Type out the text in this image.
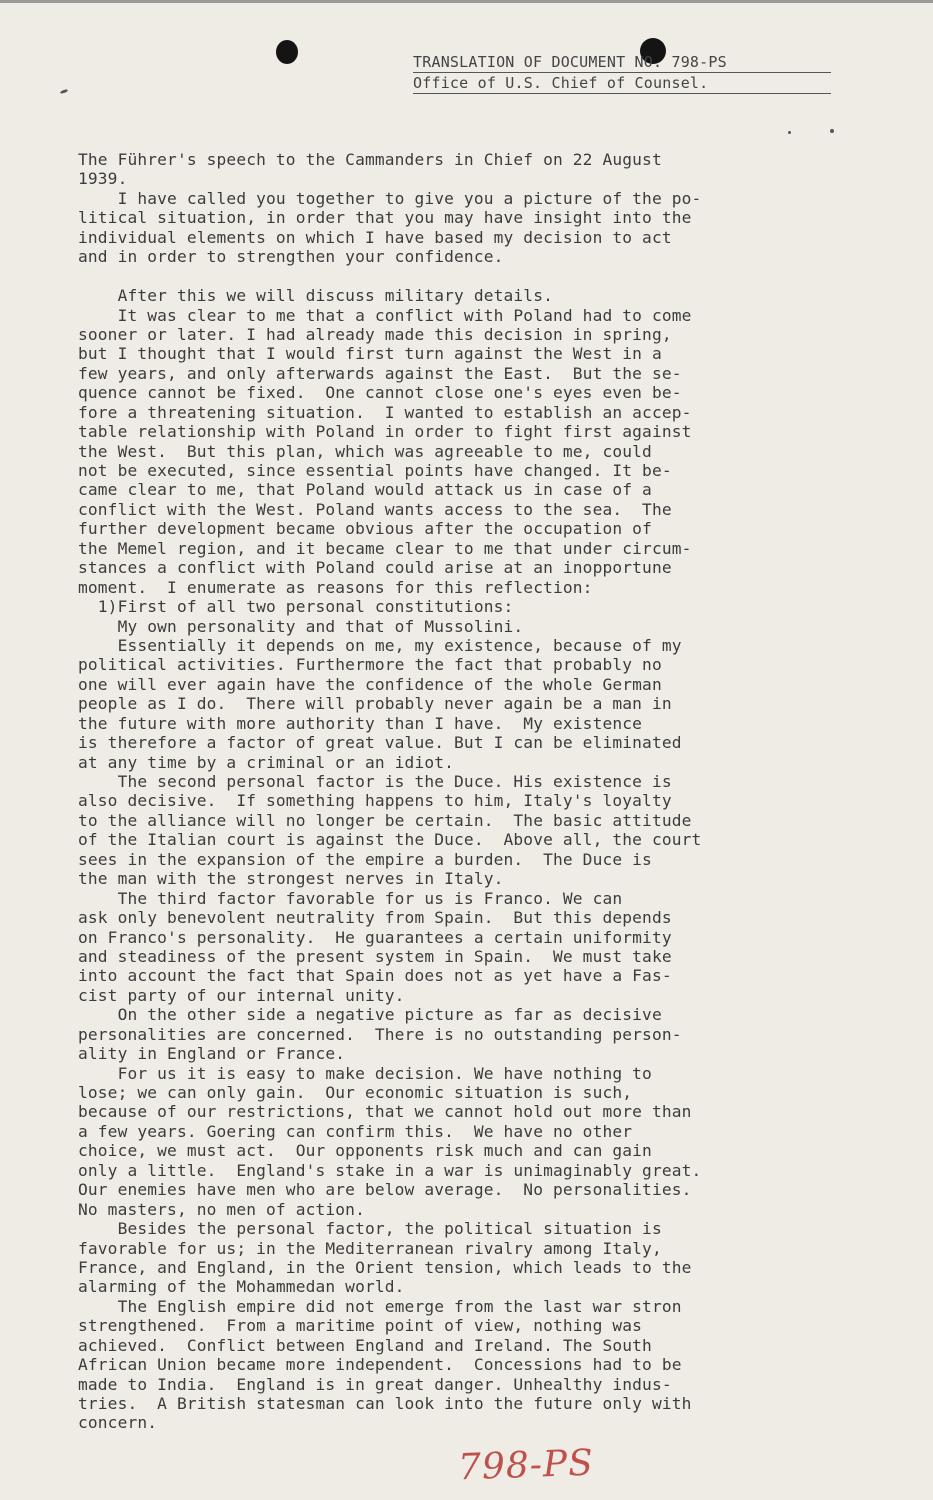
TRANSLATION OF DOCUMENT NO. 798-PS
Office of U.S. Chief of Counsel.
The Führer's speech to the Cammanders in Chief on 22 August
1939.
I have called you together to give you a picture of the po-
litical situation, in order that you may have insight into the
individual elements on which I have based my decision to act
and in order to strengthen your confidence.
After this we will discuss military details.
It was clear to me that a conflict with Poland had to come
sooner or later. I had already made this decision in spring,
but I thought that I would first turn against the West in a
few years, and only afterwards against the East.  But the se-
quence cannot be fixed.  One cannot close one's eyes even be-
fore a threatening situation.  I wanted to establish an accep-
table relationship with Poland in order to fight first against
the West.  But this plan, which was agreeable to me, could
not be executed, since essential points have changed. It be-
came clear to me, that Poland would attack us in case of a
conflict with the West. Poland wants access to the sea.  The
further development became obvious after the occupation of
the Memel region, and it became clear to me that under circum-
stances a conflict with Poland could arise at an inopportune
moment.  I enumerate as reasons for this reflection:
1)First of all two personal constitutions:
My own personality and that of Mussolini.
Essentially it depends on me, my existence, because of my
political activities. Furthermore the fact that probably no
one will ever again have the confidence of the whole German
people as I do.  There will probably never again be a man in
the future with more authority than I have.  My existence
is therefore a factor of great value. But I can be eliminated
at any time by a criminal or an idiot.
The second personal factor is the Duce. His existence is
also decisive.  If something happens to him, Italy's loyalty
to the alliance will no longer be certain.  The basic attitude
of the Italian court is against the Duce.  Above all, the court
sees in the expansion of the empire a burden.  The Duce is
the man with the strongest nerves in Italy.
The third factor favorable for us is Franco. We can
ask only benevolent neutrality from Spain.  But this depends
on Franco's personality.  He guarantees a certain uniformity
and steadiness of the present system in Spain.  We must take
into account the fact that Spain does not as yet have a Fas-
cist party of our internal unity.
On the other side a negative picture as far as decisive
personalities are concerned.  There is no outstanding person-
ality in England or France.
For us it is easy to make decision. We have nothing to
lose; we can only gain.  Our economic situation is such,
because of our restrictions, that we cannot hold out more than
a few years. Goering can confirm this.  We have no other
choice, we must act.  Our opponents risk much and can gain
only a little.  England's stake in a war is unimaginably great.
Our enemies have men who are below average.  No personalities.
No masters, no men of action.
Besides the personal factor, the political situation is
favorable for us; in the Mediterranean rivalry among Italy,
France, and England, in the Orient tension, which leads to the
alarming of the Mohammedan world.
The English empire did not emerge from the last war stron
strengthened.  From a maritime point of view, nothing was
achieved.  Conflict between England and Ireland. The South
African Union became more independent.  Concessions had to be
made to India.  England is in great danger. Unhealthy indus-
tries.  A British statesman can look into the future only with
concern.
798-PS
